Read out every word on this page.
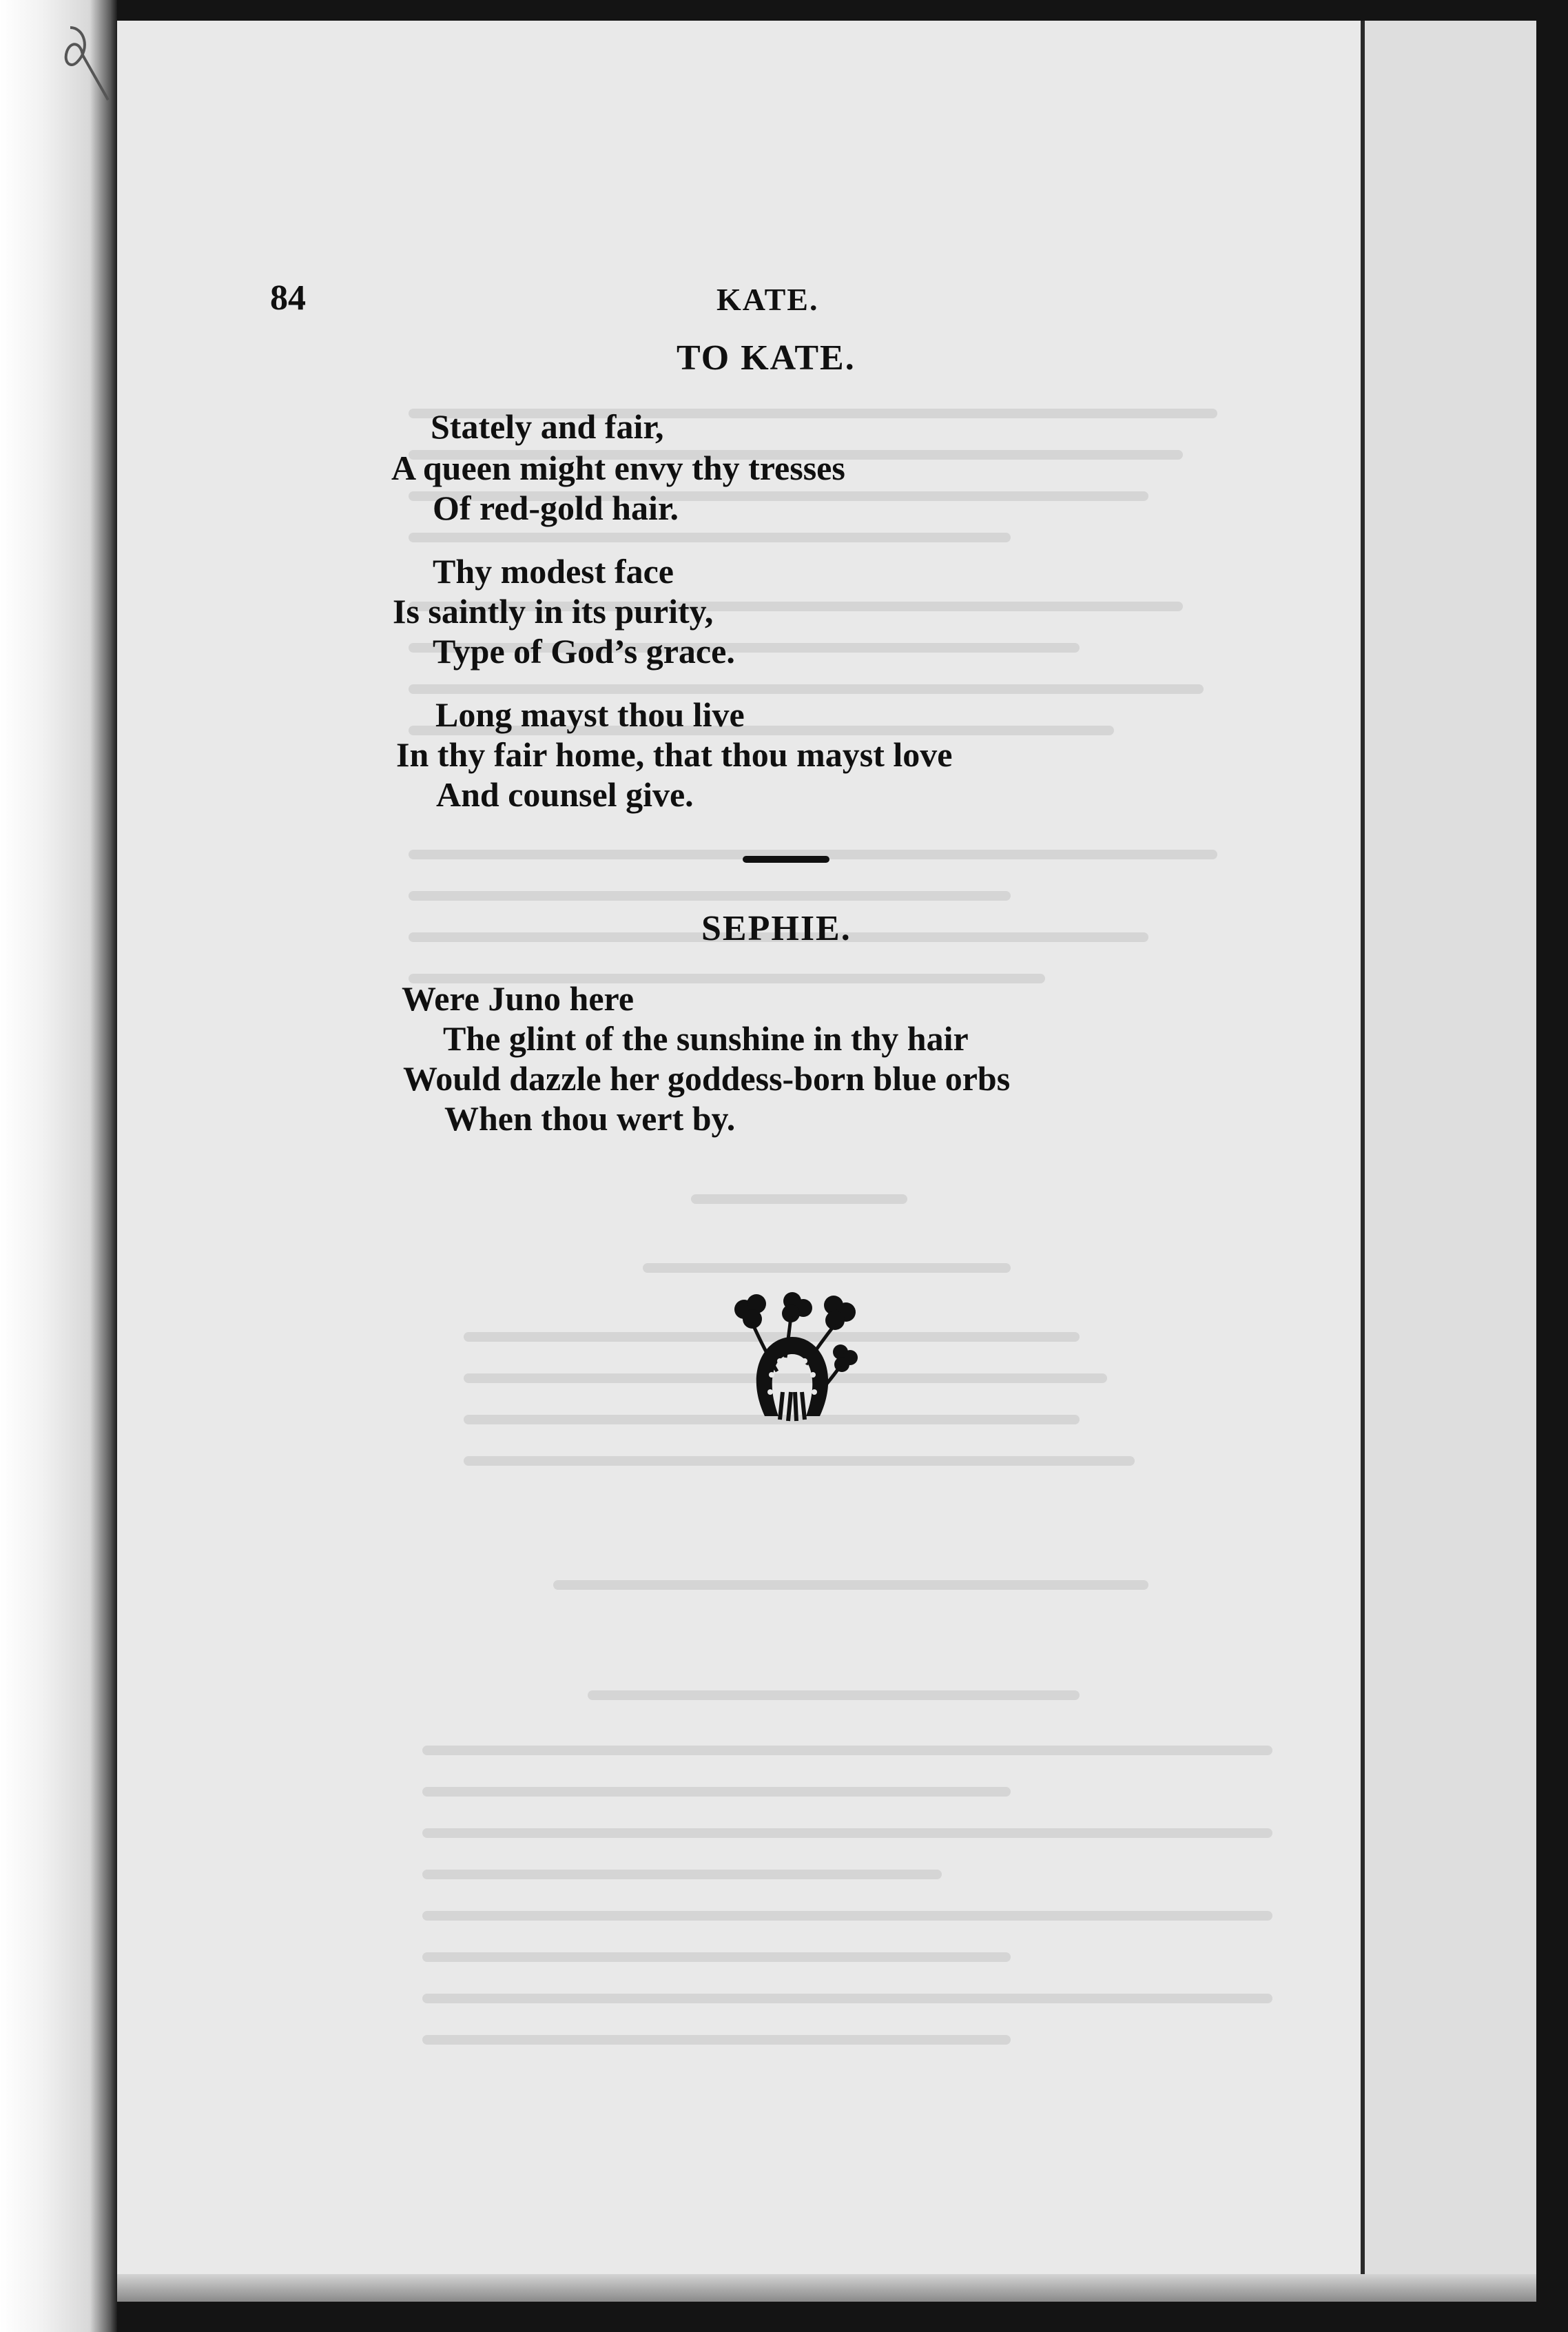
84	KATE.
TO KATE.
Stately and fair,
A queen might envy thy tresses
Of red-gold hair.
Thy modest face
Is saintly in its purity,
Type of God’s grace.
Long mayst thou live
In thy fair home, that thou mayst love
And counsel give.
SEPHIE.
Were Juno here
The glint of the sunshine in thy hair
Would dazzle her goddess-born blue orbs
When thou wert by.
